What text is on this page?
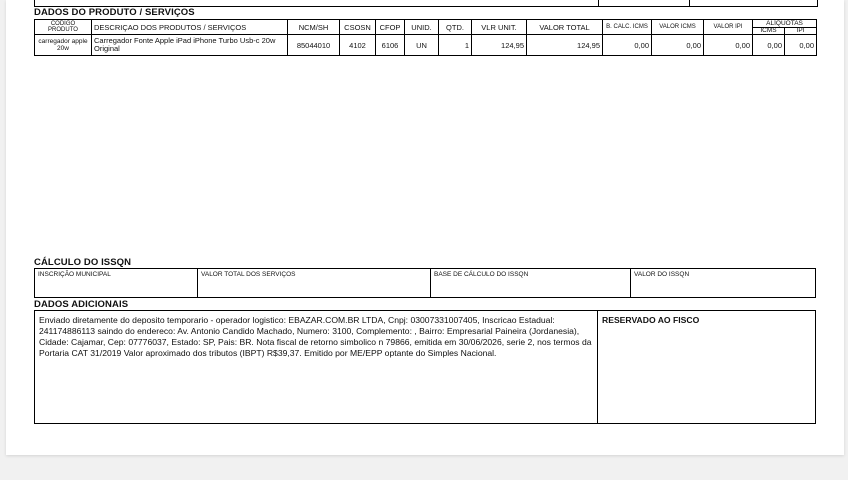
DADOS DO PRODUTO / SERVIÇOS
CÓDIGO PRODUTO	DESCRIÇAO DOS PRODUTOS / SERVIÇOS	NCM/SH	CSOSN	CFOP	UNID.	QTD.	VLR UNIT.	VALOR TOTAL	B. CALC. ICMS	VALOR ICMS	VALOR IPI	ALÍQUOTAS
ICMS IPI	

carregador apple 20w	Carregador Fonte Apple iPad iPhone Turbo Usb-c 20w Original	85044010	4102	6106	UN	1	124,95	124,95	0,00	0,00	0,00	0,00	0,00
CÁLCULO DO ISSQN
INSCRIÇÃO MUNICIPAL	VALOR TOTAL DOS SERVIÇOS	BASE DE CÁLCULO DO ISSQN	VALOR DO ISSQN
DADOS ADICIONAIS
Enviado diretamente do deposito temporario - operador logistico: EBAZAR.COM.BR LTDA, Cnpj: 03007331007405, Inscricao Estadual: 241174886113 saindo do endereco: Av. Antonio Candido Machado, Numero: 3100, Complemento: , Bairro: Empresarial Paineira (Jordanesia), Cidade: Cajamar, Cep: 07776037, Estado: SP, Pais: BR. Nota fiscal de retorno simbolico n 79866, emitida em 30/06/2026, serie 2, nos termos da Portaria CAT 31/2019 Valor aproximado dos tributos (IBPT) R$39,37. Emitido por ME/EPP optante do Simples Nacional.
RESERVADO AO FISCO
